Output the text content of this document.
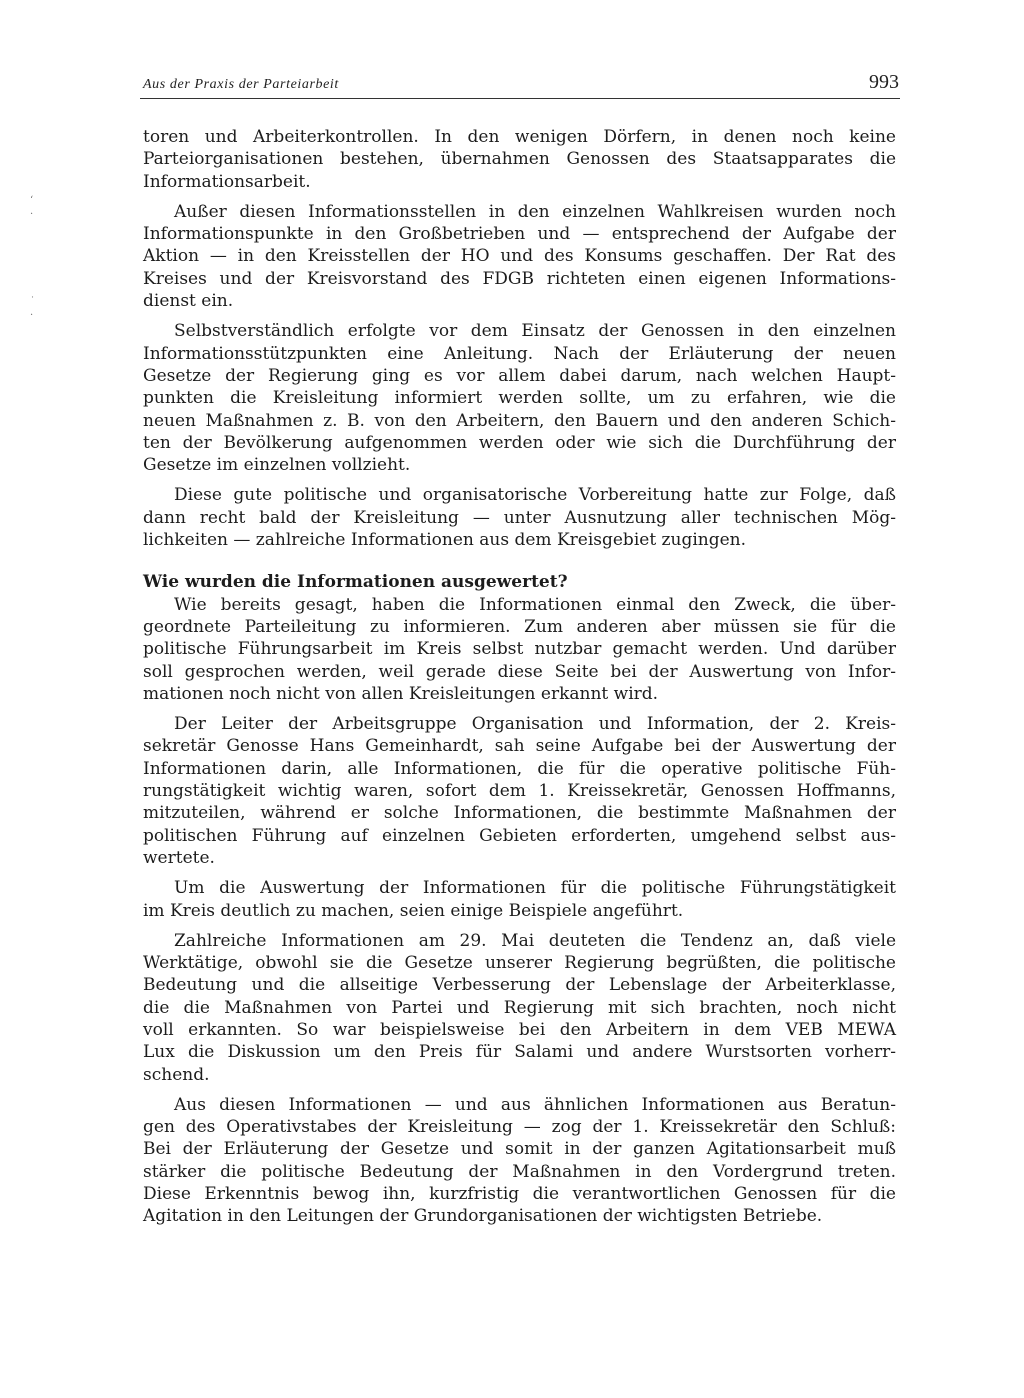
Aus der Praxis der Parteiarbeit	993
‘
·
˙
·
toren und Arbeiterkontrollen. In den wenigen Dörfern, in denen noch keine
Parteiorganisationen bestehen, übernahmen Genossen des Staatsapparates die
Informationsarbeit.
Außer diesen Informationsstellen in den einzelnen Wahlkreisen wurden noch
Informationspunkte in den Großbetrieben und — entsprechend der Aufgabe der
Aktion — in den Kreisstellen der HO und des Konsums geschaffen. Der Rat des
Kreises und der Kreisvorstand des FDGB richteten einen eigenen Informations-
dienst ein.
Selbstverständlich erfolgte vor dem Einsatz der Genossen in den einzelnen
Informationsstützpunkten eine Anleitung. Nach der Erläuterung der neuen
Gesetze der Regierung ging es vor allem dabei darum, nach welchen Haupt-
punkten die Kreisleitung informiert werden sollte, um zu erfahren, wie die
neuen Maßnahmen z. B. von den Arbeitern, den Bauern und den anderen Schich-
ten der Bevölkerung aufgenommen werden oder wie sich die Durchführung der
Gesetze im einzelnen vollzieht.
Diese gute politische und organisatorische Vorbereitung hatte zur Folge, daß
dann recht bald der Kreisleitung — unter Ausnutzung aller technischen Mög-
lichkeiten — zahlreiche Informationen aus dem Kreisgebiet zugingen.
Wie wurden die Informationen ausgewertet?
Wie bereits gesagt, haben die Informationen einmal den Zweck, die über-
geordnete Parteileitung zu informieren. Zum anderen aber müssen sie für die
politische Führungsarbeit im Kreis selbst nutzbar gemacht werden. Und darüber
soll gesprochen werden, weil gerade diese Seite bei der Auswertung von Infor-
mationen noch nicht von allen Kreisleitungen erkannt wird.
Der Leiter der Arbeitsgruppe Organisation und Information, der 2. Kreis-
sekretär Genosse Hans Gemeinhardt, sah seine Aufgabe bei der Auswertung der
Informationen darin, alle Informationen, die für die operative politische Füh-
rungstätigkeit wichtig waren, sofort dem 1. Kreissekretär, Genossen Hoffmanns,
mitzuteilen, während er solche Informationen, die bestimmte Maßnahmen der
politischen Führung auf einzelnen Gebieten erforderten, umgehend selbst aus-
wertete.
Um die Auswertung der Informationen für die politische Führungstätigkeit
im Kreis deutlich zu machen, seien einige Beispiele angeführt.
Zahlreiche Informationen am 29. Mai deuteten die Tendenz an, daß viele
Werktätige, obwohl sie die Gesetze unserer Regierung begrüßten, die politische
Bedeutung und die allseitige Verbesserung der Lebenslage der Arbeiterklasse,
die die Maßnahmen von Partei und Regierung mit sich brachten, noch nicht
voll erkannten. So war beispielsweise bei den Arbeitern in dem VEB MEWA
Lux die Diskussion um den Preis für Salami und andere Wurstsorten vorherr-
schend.
Aus diesen Informationen — und aus ähnlichen Informationen aus Beratun-
gen des Operativstabes der Kreisleitung — zog der 1. Kreissekretär den Schluß:
Bei der Erläuterung der Gesetze und somit in der ganzen Agitationsarbeit muß
stärker die politische Bedeutung der Maßnahmen in den Vordergrund treten.
Diese Erkenntnis bewog ihn, kurzfristig die verantwortlichen Genossen für die
Agitation in den Leitungen der Grundorganisationen der wichtigsten Betriebe.
